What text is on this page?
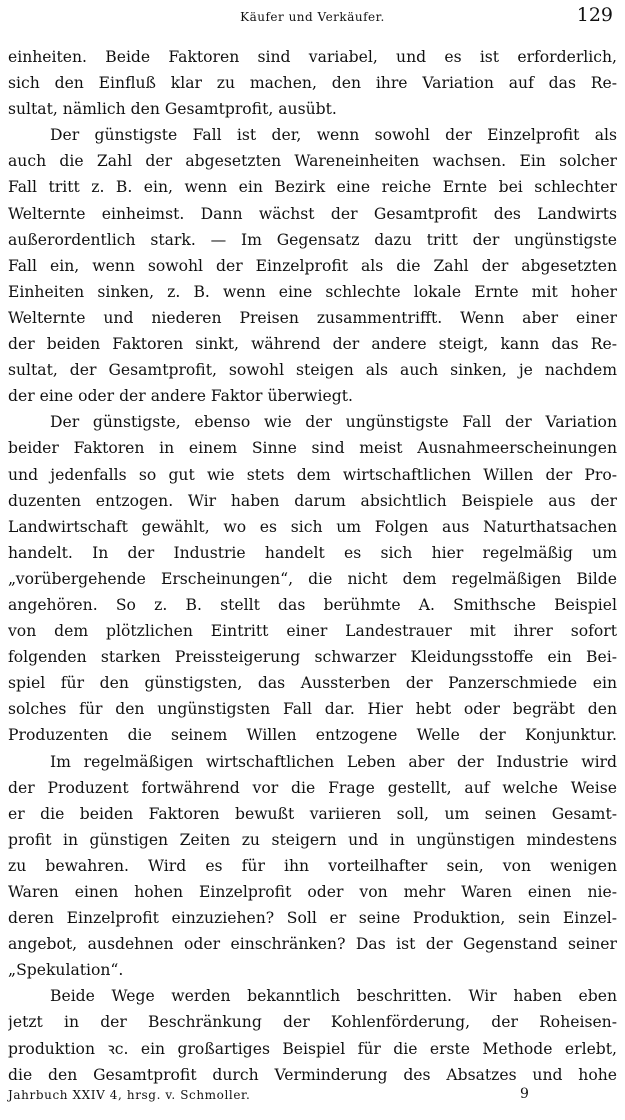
Käufer und Verkäufer.	129
einheiten. Beide Faktoren sind variabel, und es ist erforderlich,
sich den Einfluß klar zu machen, den ihre Variation auf das Re-
sultat, nämlich den Gesamtprofit, ausübt.
Der günstigste Fall ist der, wenn sowohl der Einzelprofit als
auch die Zahl der abgesetzten Wareneinheiten wachsen. Ein solcher
Fall tritt z. B. ein, wenn ein Bezirk eine reiche Ernte bei schlechter
Welternte einheimst. Dann wächst der Gesamtprofit des Landwirts
außerordentlich stark. — Im Gegensatz dazu tritt der ungünstigste
Fall ein, wenn sowohl der Einzelprofit als die Zahl der abgesetzten
Einheiten sinken, z. B. wenn eine schlechte lokale Ernte mit hoher
Welternte und niederen Preisen zusammentrifft. Wenn aber einer
der beiden Faktoren sinkt, während der andere steigt, kann das Re-
sultat, der Gesamtprofit, sowohl steigen als auch sinken, je nachdem
der eine oder der andere Faktor überwiegt.
Der günstigste, ebenso wie der ungünstigste Fall der Variation
beider Faktoren in einem Sinne sind meist Ausnahmeerscheinungen
und jedenfalls so gut wie stets dem wirtschaftlichen Willen der Pro-
duzenten entzogen. Wir haben darum absichtlich Beispiele aus der
Landwirtschaft gewählt, wo es sich um Folgen aus Naturthatsachen
handelt. In der Industrie handelt es sich hier regelmäßig um
„vorübergehende Erscheinungen“, die nicht dem regelmäßigen Bilde
angehören. So z. B. stellt das berühmte A. Smithsche Beispiel
von dem plötzlichen Eintritt einer Landestrauer mit ihrer sofort
folgenden starken Preissteigerung schwarzer Kleidungsstoffe ein Bei-
spiel für den günstigsten, das Aussterben der Panzerschmiede ein
solches für den ungünstigsten Fall dar. Hier hebt oder begräbt den
Produzenten die seinem Willen entzogene Welle der Konjunktur.
Im regelmäßigen wirtschaftlichen Leben aber der Industrie wird
der Produzent fortwährend vor die Frage gestellt, auf welche Weise
er die beiden Faktoren bewußt variieren soll, um seinen Gesamt-
profit in günstigen Zeiten zu steigern und in ungünstigen mindestens
zu bewahren. Wird es für ihn vorteilhafter sein, von wenigen
Waren einen hohen Einzelprofit oder von mehr Waren einen nie-
deren Einzelprofit einzuziehen? Soll er seine Produktion, sein Einzel-
angebot, ausdehnen oder einschränken? Das ist der Gegenstand seiner
„Spekulation“.
Beide Wege werden bekanntlich beschritten. Wir haben eben
jetzt in der Beschränkung der Kohlenförderung, der Roheisen-
produktion ꝛc. ein großartiges Beispiel für die erste Methode erlebt,
die den Gesamtprofit durch Verminderung des Absatzes und hohe
Jahrbuch XXIV 4, hrsg. v. Schmoller.	9
